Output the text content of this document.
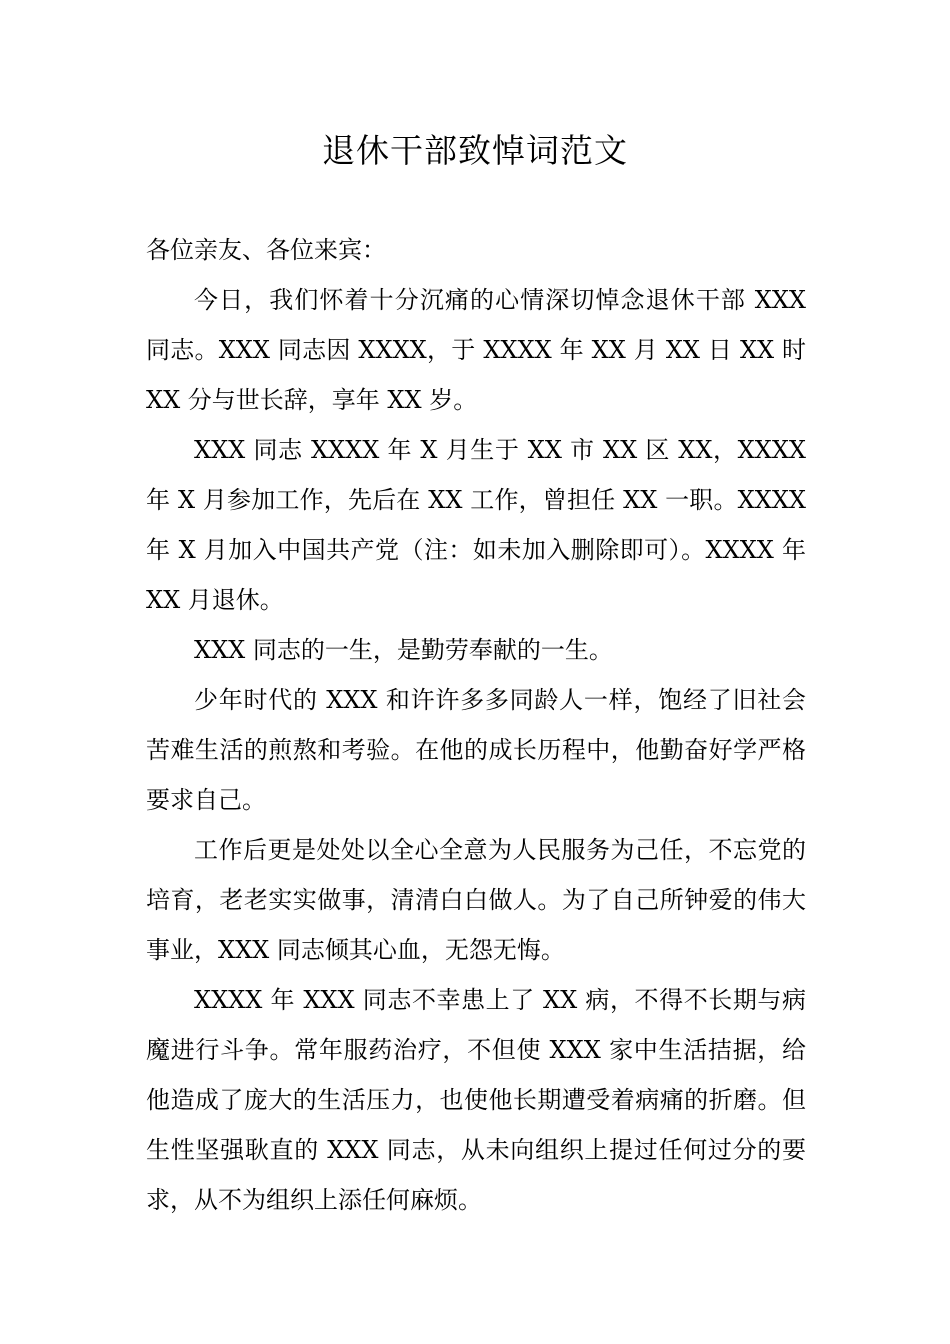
退休干部致悼词范文

各位亲友、各位来宾：

今日，我们怀着十分沉痛的心情深切悼念退休干部 XXX 同志。XXX 同志因 XXXX，于 XXXX 年 XX 月 XX 日 XX 时 XX 分与世长辞，享年 XX 岁。

XXX 同志 XXXX 年 X 月生于 XX 市 XX 区 XX，XXXX 年 X 月参加工作，先后在 XX 工作，曾担任 XX 一职。XXXX 年 X 月加入中国共产党（注：如未加入删除即可）。XXXX 年 XX 月退休。

XXX 同志的一生，是勤劳奉献的一生。

少年时代的 XXX 和许许多多同龄人一样，饱经了旧社会苦难生活的煎熬和考验。在他的成长历程中，他勤奋好学严格要求自己。

工作后更是处处以全心全意为人民服务为己任，不忘党的培育，老老实实做事，清清白白做人。为了自己所钟爱的伟大事业，XXX 同志倾其心血，无怨无悔。

XXXX 年 XXX 同志不幸患上了 XX 病，不得不长期与病魔进行斗争。常年服药治疗，不但使 XXX 家中生活拮据，给他造成了庞大的生活压力，也使他长期遭受着病痛的折磨。但生性坚强耿直的 XXX 同志，从未向组织上提过任何过分的要求，从不为组织上添任何麻烦。
